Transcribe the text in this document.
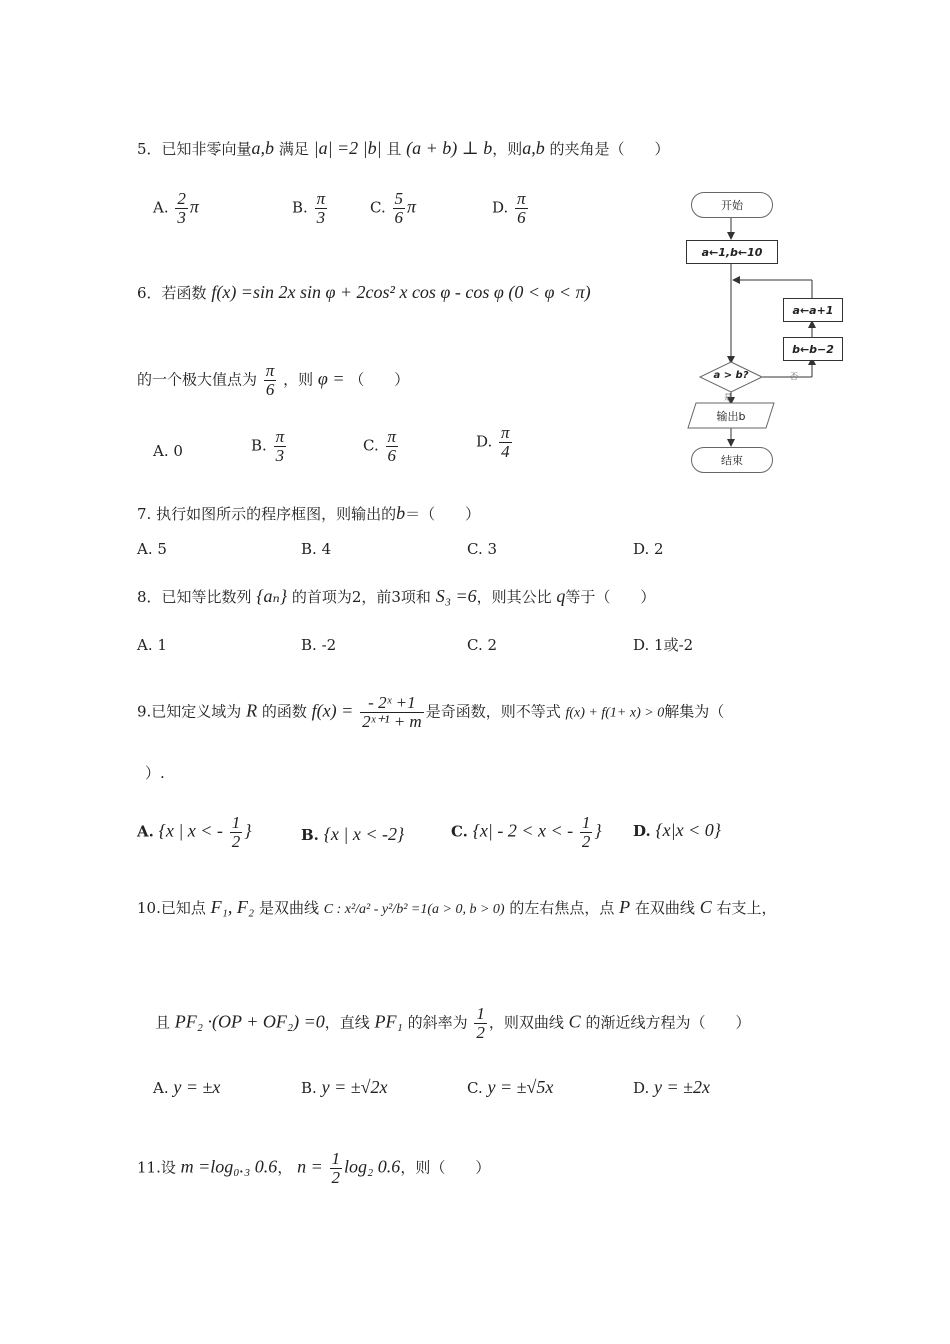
5．已知非零向量a,b 满足 |a| =2 |b| 且 (a + b) ⊥ b，则a,b 的夹角是（　　）
A. $\frac{2}{3}$ π	B. $\frac{\pi}{3}$	C. $\frac{5}{6}$ π	D. $\frac{\pi}{6}$
6．若函数 f(x) =sin 2x sin φ + 2cos² x cos φ - cos φ (0 < φ < π)
的一个极大值点为 $\frac{\pi}{6}$ ，则 φ = （　　）
A. 0	B. $\frac{\pi}{3}$	C. $\frac{\pi}{6}$	D. $\frac{\pi}{4}$
开始
a←1,b←10
a←a+1
b←b−2
a > b?	否
是
输出b
结束
7. 执行如图所示的程序框图，则输出的b＝（　　）
A. 5	B. 4	C. 3	D. 2
8．已知等比数列 {aₙ} 的首项为2，前3项和 S₃ =6，则其公比 q等于（　　）
A. 1	B. -2	C. 2	D. 1或-2
9.已知定义域为 R 的函数 $f(x) = \frac{\text{- 2ˣ +1}}{\text{2ˣ⁺¹ + m}}$ 是奇函数，则不等式 f(x) + f(1+ x) > 0解集为（
）.
A. {x | x < - $\frac{1}{2}$ }	B. {x | x < -2}	C. {x| - 2 < x < - $\frac{1}{2}$ } D. {x|x < 0}
10.已知点 F₁, F₂ 是双曲线 C : x²/a² - y²/b² =1(a > 0, b > 0) 的左右焦点，点 P 在双曲线 C 右支上，
且 PF₂ ·(OP + OF₂) =0，直线 PF₁ 的斜率为 $\frac{1}{2}$ ，则双曲线 C 的渐近线方程为（　　）
A. y = ±x	B. y = ±√2x	C. y = ±√5x	D. y = ±2x
11.设 m =log₀.₃ 0.6， $n = \frac{1}{2} \log_2$ 0.6，则（　　）
